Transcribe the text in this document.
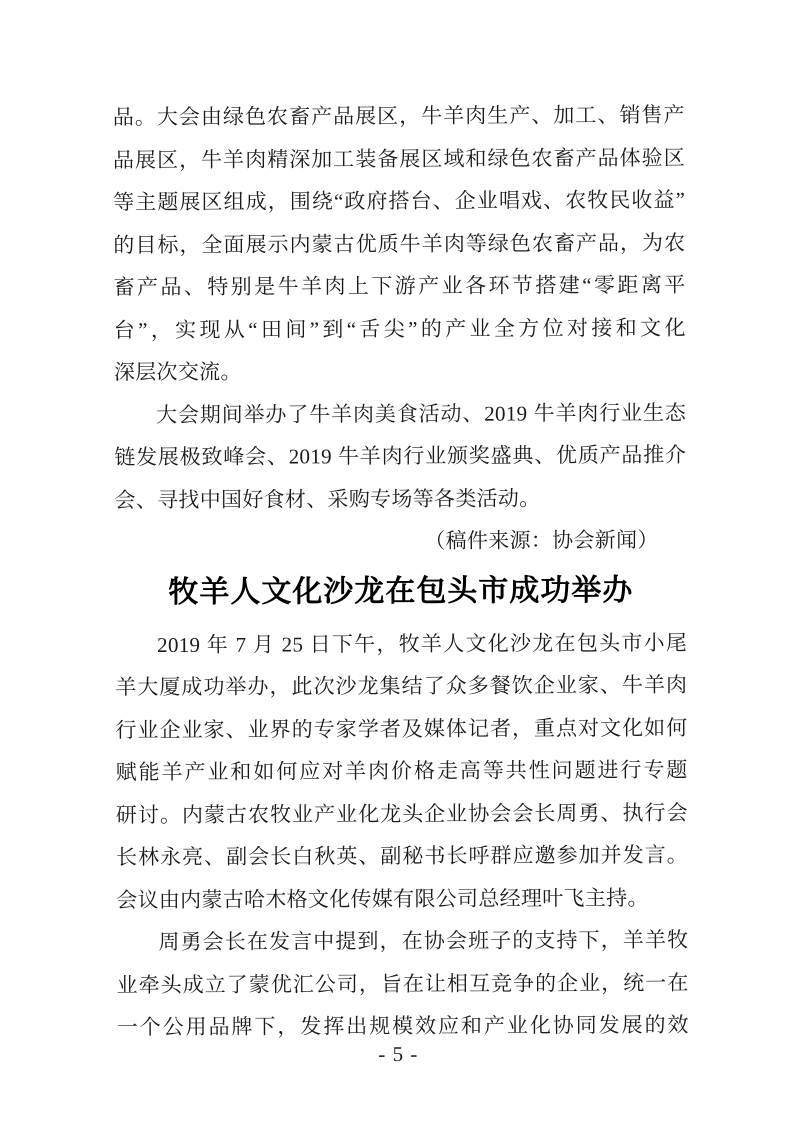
品。大会由绿色农畜产品展区，牛羊肉生产、加工、销售产
品展区，牛羊肉精深加工装备展区域和绿色农畜产品体验区
等主题展区组成，围绕“政府搭台、企业唱戏、农牧民收益”
的目标，全面展示内蒙古优质牛羊肉等绿色农畜产品，为农
畜产品、特别是牛羊肉上下游产业各环节搭建“零距离平
台”，实现从“田间”到“舌尖”的产业全方位对接和文化
深层次交流。
大会期间举办了牛羊肉美食活动、2019 牛羊肉行业生态
链发展极致峰会、2019 牛羊肉行业颁奖盛典、优质产品推介
会、寻找中国好食材、采购专场等各类活动。
（稿件来源：协会新闻）
牧羊人文化沙龙在包头市成功举办
2019 年 7 月 25 日下午，牧羊人文化沙龙在包头市小尾
羊大厦成功举办，此次沙龙集结了众多餐饮企业家、牛羊肉
行业企业家、业界的专家学者及媒体记者，重点对文化如何
赋能羊产业和如何应对羊肉价格走高等共性问题进行专题
研讨。内蒙古农牧业产业化龙头企业协会会长周勇、执行会
长林永亮、副会长白秋英、副秘书长呼群应邀参加并发言。
会议由内蒙古哈木格文化传媒有限公司总经理叶飞主持。
周勇会长在发言中提到，在协会班子的支持下，羊羊牧
业牵头成立了蒙优汇公司，旨在让相互竞争的企业，统一在
一个公用品牌下，发挥出规模效应和产业化协同发展的效
- 5 -
